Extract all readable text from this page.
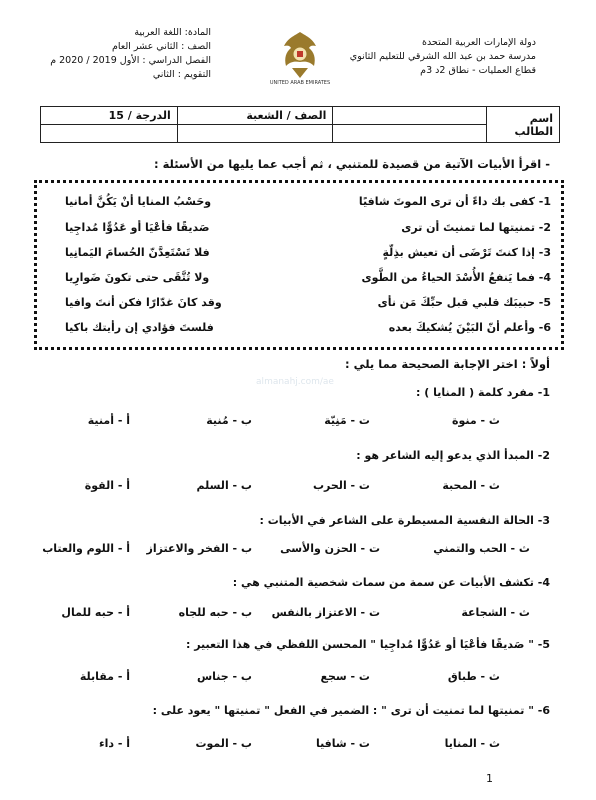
دولة الإمارات العربية المتحدة
مدرسة حمد بن عبد الله الشرقي للتعليم الثانوي
قطاع العمليات - نطاق 2د 3م
UNITED ARAB EMIRATES
المادة: اللغة العربية
الصف : الثاني عشر العام
الفصل الدراسي : الأول 2019 / 2020 م
التقويم : الثاني
اسم الطالب		الصف / الشعبة	الدرجة / 15

- اقرأ الأبيات الآتية من قصيدة للمتنبي ، ثم أجب عما يليها من الأسئلة :
1- كفى بك داءً أن ترى الموتَ شافيًا
وحَسْبُ المنايا أنْ يَكُنَّ أمانيا
2- تمنيتها لما تمنيتَ أن ترى
صَديقًا فأعْيَا أو عَدُوًّا مُداجِيا
3- إذا كنتَ تَرْضَى أن تعيش بذِلّةٍ
فلا تَسْتَعِدَّنّ الحُسامَ اليَمانِيا
4- فما يَنفعُ الأُسْدَ الحياءُ من الطَّوى
ولا تُتَّقَى حتى تكونَ ضَوارِيا
5- حبيبَك قلبي قبل حبِّكَ مَن نأى
وقد كانَ غدّارًا فكن أنتَ وافيا
6- وأعلم أنّ البَيْنَ يُشكيكَ بعده
فلستَ فؤادي إن رأيتك باكيا
أولاً : اختر الإجابة الصحيحة مما يلي :
almanahj.com/ae
1- مفرد كلمة ( المنايا ) :
أ - أمنية	ب - مُنية	ت - مَنِيّة	ث - منوة
2- المبدأ الذي يدعو إليه الشاعر هو :
أ - القوة	ب - السلم	ت - الحرب	ث - المحبة
3- الحالة النفسية المسيطرة على الشاعر في الأبيات :
أ - اللوم والعتاب ب - الفخر والاعتزاز	ت - الحزن والأسى	ث - الحب والتمني
4- تكشف الأبيات عن سمة من سمات شخصية المتنبي هي :
أ - حبه للمال	ب - حبه للجاه ت - الاعتزاز بالنفس	ث - الشجاعة
5- " صَديقًا فأعْيَا أو عَدُوًّا مُداجِيا " المحسن اللفظي في هذا التعبير :
أ - مقابلة	ب - جناس	ت - سجع	ث - طباق
6- " تمنيتها لما تمنيت أن ترى " : الضمير في الفعل " تمنيتها " يعود على :
أ - داء	ب - الموت	ت - شافيا	ث - المنايا
1
